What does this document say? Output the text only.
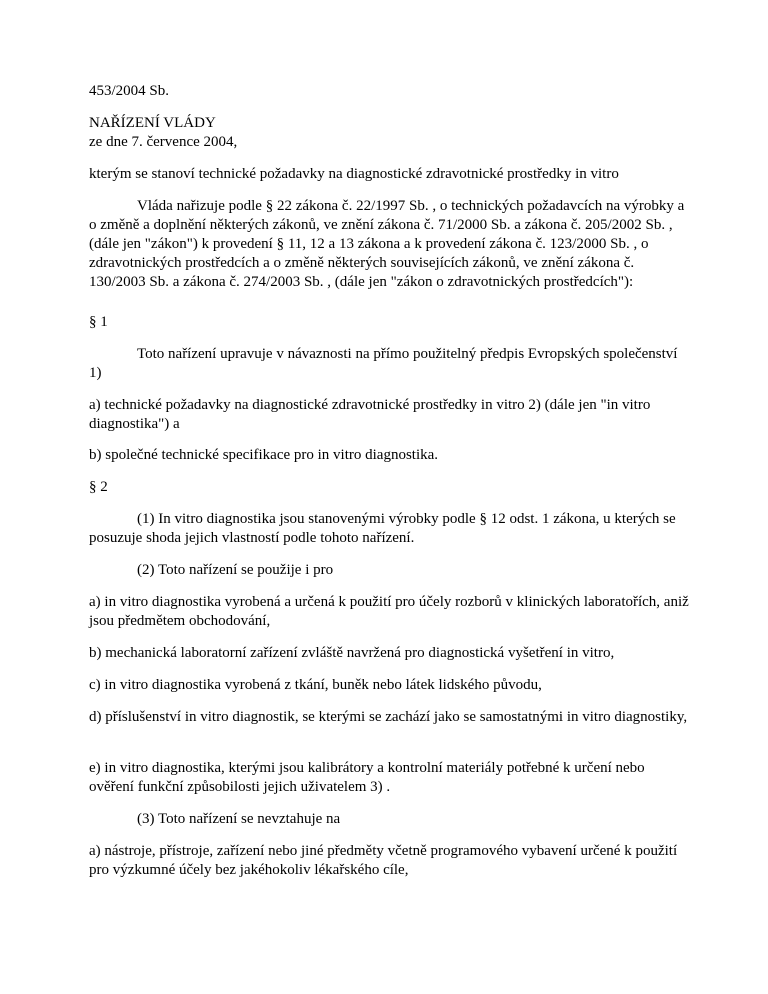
453/2004 Sb.

NAŘÍZENÍ VLÁDY

ze dne 7. července 2004,

kterým se stanoví technické požadavky na diagnostické zdravotnické prostředky in vitro

Vláda nařizuje podle § 22 zákona č. 22/1997 Sb. , o technických požadavcích na výrobky a o změně a doplnění některých zákonů, ve znění zákona č. 71/2000 Sb. a zákona č. 205/2002 Sb. , (dále jen "zákon") k provedení § 11, 12 a 13 zákona a k provedení zákona č. 123/2000 Sb. , o zdravotnických prostředcích a o změně některých souvisejících zákonů, ve znění zákona č. 130/2003 Sb. a zákona č. 274/2003 Sb. , (dále jen "zákon o zdravotnických prostředcích"):

§ 1

Toto nařízení upravuje v návaznosti na přímo použitelný předpis Evropských společenství 1)

a) technické požadavky na diagnostické zdravotnické prostředky in vitro 2) (dále jen "in vitro diagnostika") a

b) společné technické specifikace pro in vitro diagnostika.

§ 2

(1) In vitro diagnostika jsou stanovenými výrobky podle § 12 odst. 1 zákona, u kterých se posuzuje shoda jejich vlastností podle tohoto nařízení.

(2) Toto nařízení se použije i pro

a) in vitro diagnostika vyrobená a určená k použití pro účely rozborů v klinických laboratořích, aniž jsou předmětem obchodování,

b) mechanická laboratorní zařízení zvláště navržená pro diagnostická vyšetření in vitro,

c) in vitro diagnostika vyrobená z tkání, buněk nebo látek lidského původu,

d) příslušenství in vitro diagnostik, se kterými se zachází jako se samostatnými in vitro diagnostiky,

e) in vitro diagnostika, kterými jsou kalibrátory a kontrolní materiály potřebné k určení nebo ověření funkční způsobilosti jejich uživatelem 3) .

(3) Toto nařízení se nevztahuje na

a) nástroje, přístroje, zařízení nebo jiné předměty včetně programového vybavení určené k použití pro výzkumné účely bez jakéhokoliv lékařského cíle,
